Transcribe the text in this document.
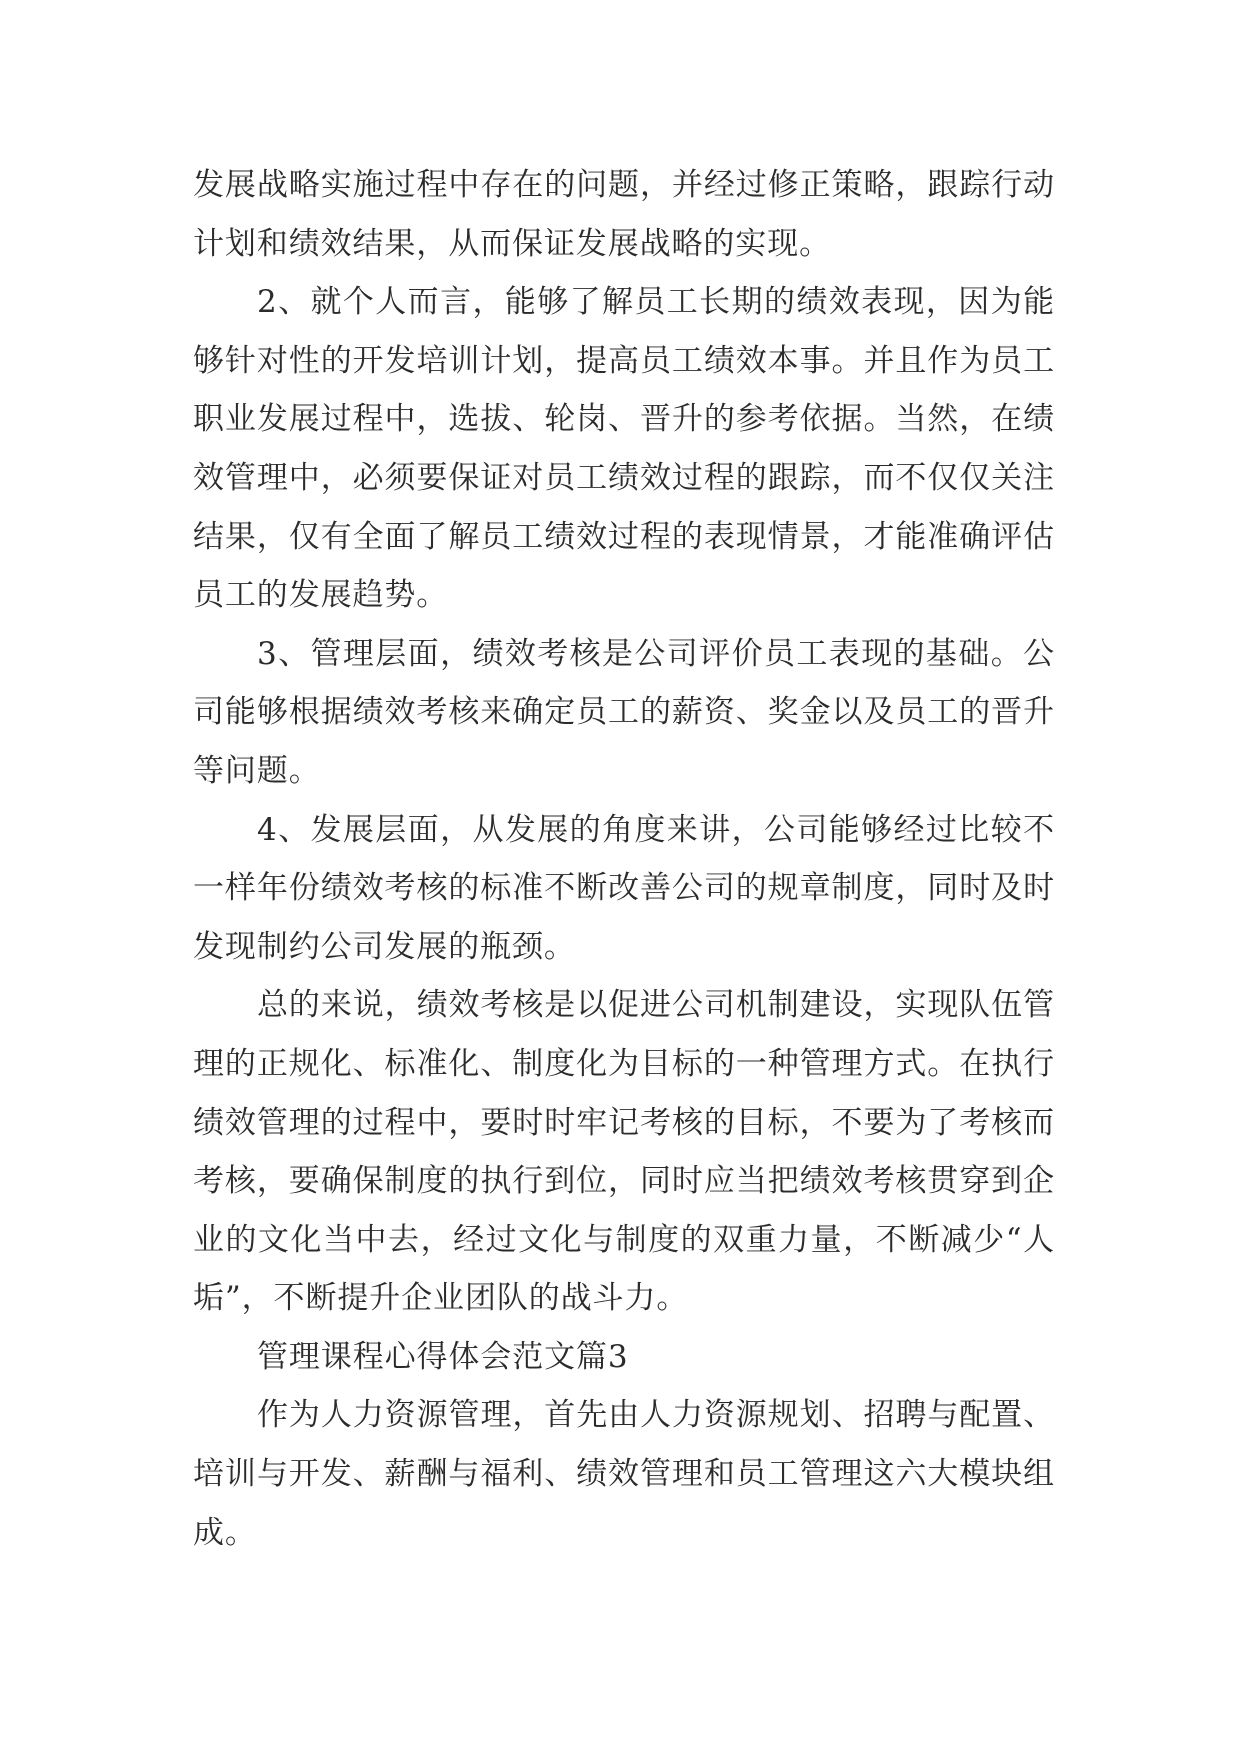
发展战略实施过程中存在的问题，并经过修正策略，跟踪行动计划和绩效结果，从而保证发展战略的实现。

2、就个人而言，能够了解员工长期的绩效表现，因为能够针对性的开发培训计划，提高员工绩效本事。并且作为员工职业发展过程中，选拔、轮岗、晋升的参考依据。当然，在绩效管理中，必须要保证对员工绩效过程的跟踪，而不仅仅关注结果，仅有全面了解员工绩效过程的表现情景，才能准确评估员工的发展趋势。

3、管理层面，绩效考核是公司评价员工表现的基础。公司能够根据绩效考核来确定员工的薪资、奖金以及员工的晋升等问题。

4、发展层面，从发展的角度来讲，公司能够经过比较不一样年份绩效考核的标准不断改善公司的规章制度，同时及时发现制约公司发展的瓶颈。

总的来说，绩效考核是以促进公司机制建设，实现队伍管理的正规化、标准化、制度化为目标的一种管理方式。在执行绩效管理的过程中，要时时牢记考核的目标，不要为了考核而考核，要确保制度的执行到位，同时应当把绩效考核贯穿到企业的文化当中去，经过文化与制度的双重力量，不断减少“人垢”，不断提升企业团队的战斗力。

管理课程心得体会范文篇3

作为人力资源管理，首先由人力资源规划、招聘与配置、培训与开发、薪酬与福利、绩效管理和员工管理这六大模块组成。
